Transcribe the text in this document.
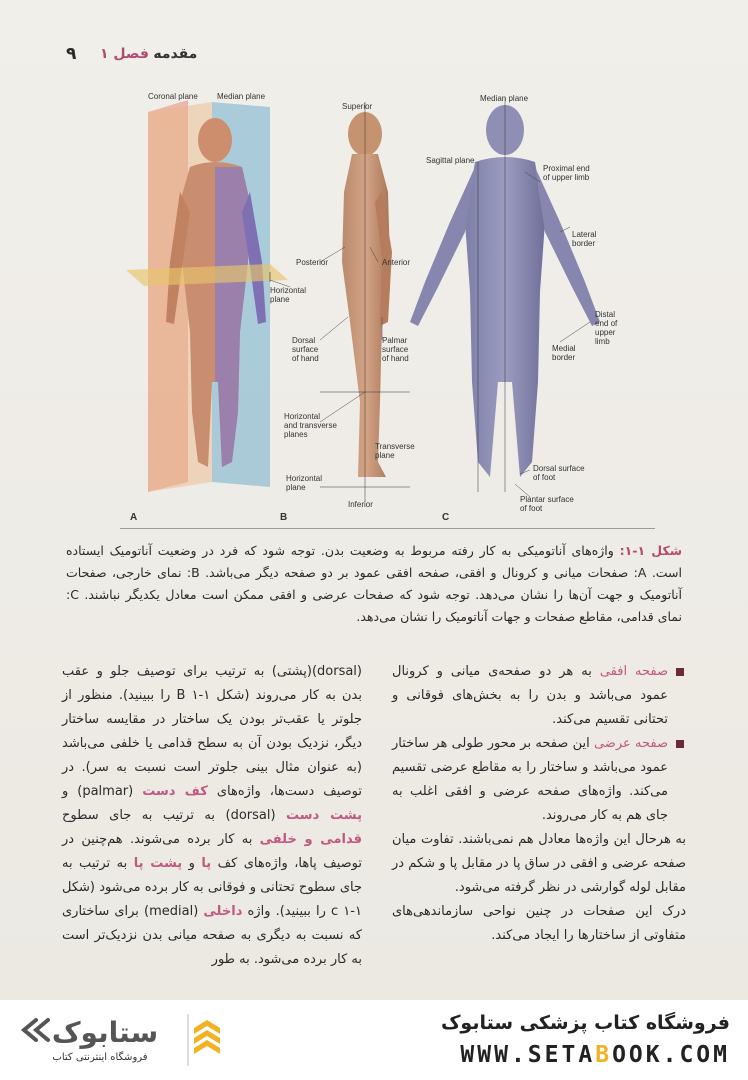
۹	مقدمه فصل ۱
Coronal plane Median plane
Horizontal
plane
Superior
Posterior	Anterior
Dorsal
surface
of hand
Palmar
surface
of hand
Horizontal
and transverse
planes
Transverse
plane
Horizontal
plane
Inferior
Median plane
Sagittal plane
Proximal end
of upper limb
Lateral
border
Distal
end of
upper
limb
Medial
border
Dorsal surface
of foot
Plantar surface
of foot
A	B	C
شکل ۱-۱: واژه‌های آناتومیکی به کار رفته مربوط به وضعیت بدن. توجه شود که فرد در وضعیت آناتومیک ایستاده است. A: صفحات میانی و کرونال و افقی، صفحه افقی عمود بر دو صفحه دیگر می‌باشد. B: نمای خارجی، صفحات آناتومیک و جهت آن‌ها را نشان می‌دهد. توجه شود که صفحات عرضی و افقی ممکن است معادل یکدیگر نباشند. C: نمای قدامی، مقاطع صفحات و جهات آناتومیک را نشان می‌دهد.

صفحه افقی به هر دو صفحه‌ی میانی و کرونال عمود می‌باشد و بدن را به بخش‌های فوقانی و تحتانی تقسیم می‌کند.

صفحه عرضی این صفحه بر محور طولی هر ساختار عمود می‌باشد و ساختار را به مقاطع عرضی تقسیم می‌کند. واژه‌های صفحه عرضی و افقی اغلب به جای هم به کار می‌روند.

به هرحال این واژه‌ها معادل هم نمی‌باشند. تفاوت میان صفحه عرضی و افقی در ساق پا در مقابل پا و شکم در مقابل لوله گوارشی در نظر گرفته می‌شود.

درک این صفحات در چنین نواحی سازماندهی‌های متفاوتی از ساختارها را ایجاد می‌کند.

(dorsal)(پشتی) به ترتیب برای توصیف جلو و عقب بدن به کار می‌روند (شکل B ۱-۱ را ببینید). منظور از جلوتر یا عقب‌تر بودن یک ساختار در مقایسه ساختار دیگر، نزدیک بودن آن به سطح قدامی یا خلفی می‌باشد (به عنوان مثال بینی جلوتر است نسبت به سر). در توصیف دست‌ها، واژه‌های کف دست (palmar) و پشت دست (dorsal) به ترتیب به جای سطوح قدامی و خلفی به کار برده می‌شوند. هم‌چنین در توصیف پاها، واژه‌های کف پا و پشت پا به ترتیب به جای سطوح تحتانی و فوقانی به کار برده می‌شود (شکل c ۱-۱ را ببینید). واژه داخلی (medial) برای ساختاری که نسبت به دیگری به صفحه میانی بدن نزدیک‌تر است به کار برده می‌شود. به طور

ستابوک
فروشگاه اینترنتی کتاب
فروشگاه کتاب پزشکی ستابوک
WWW.SETABOOK.COM
